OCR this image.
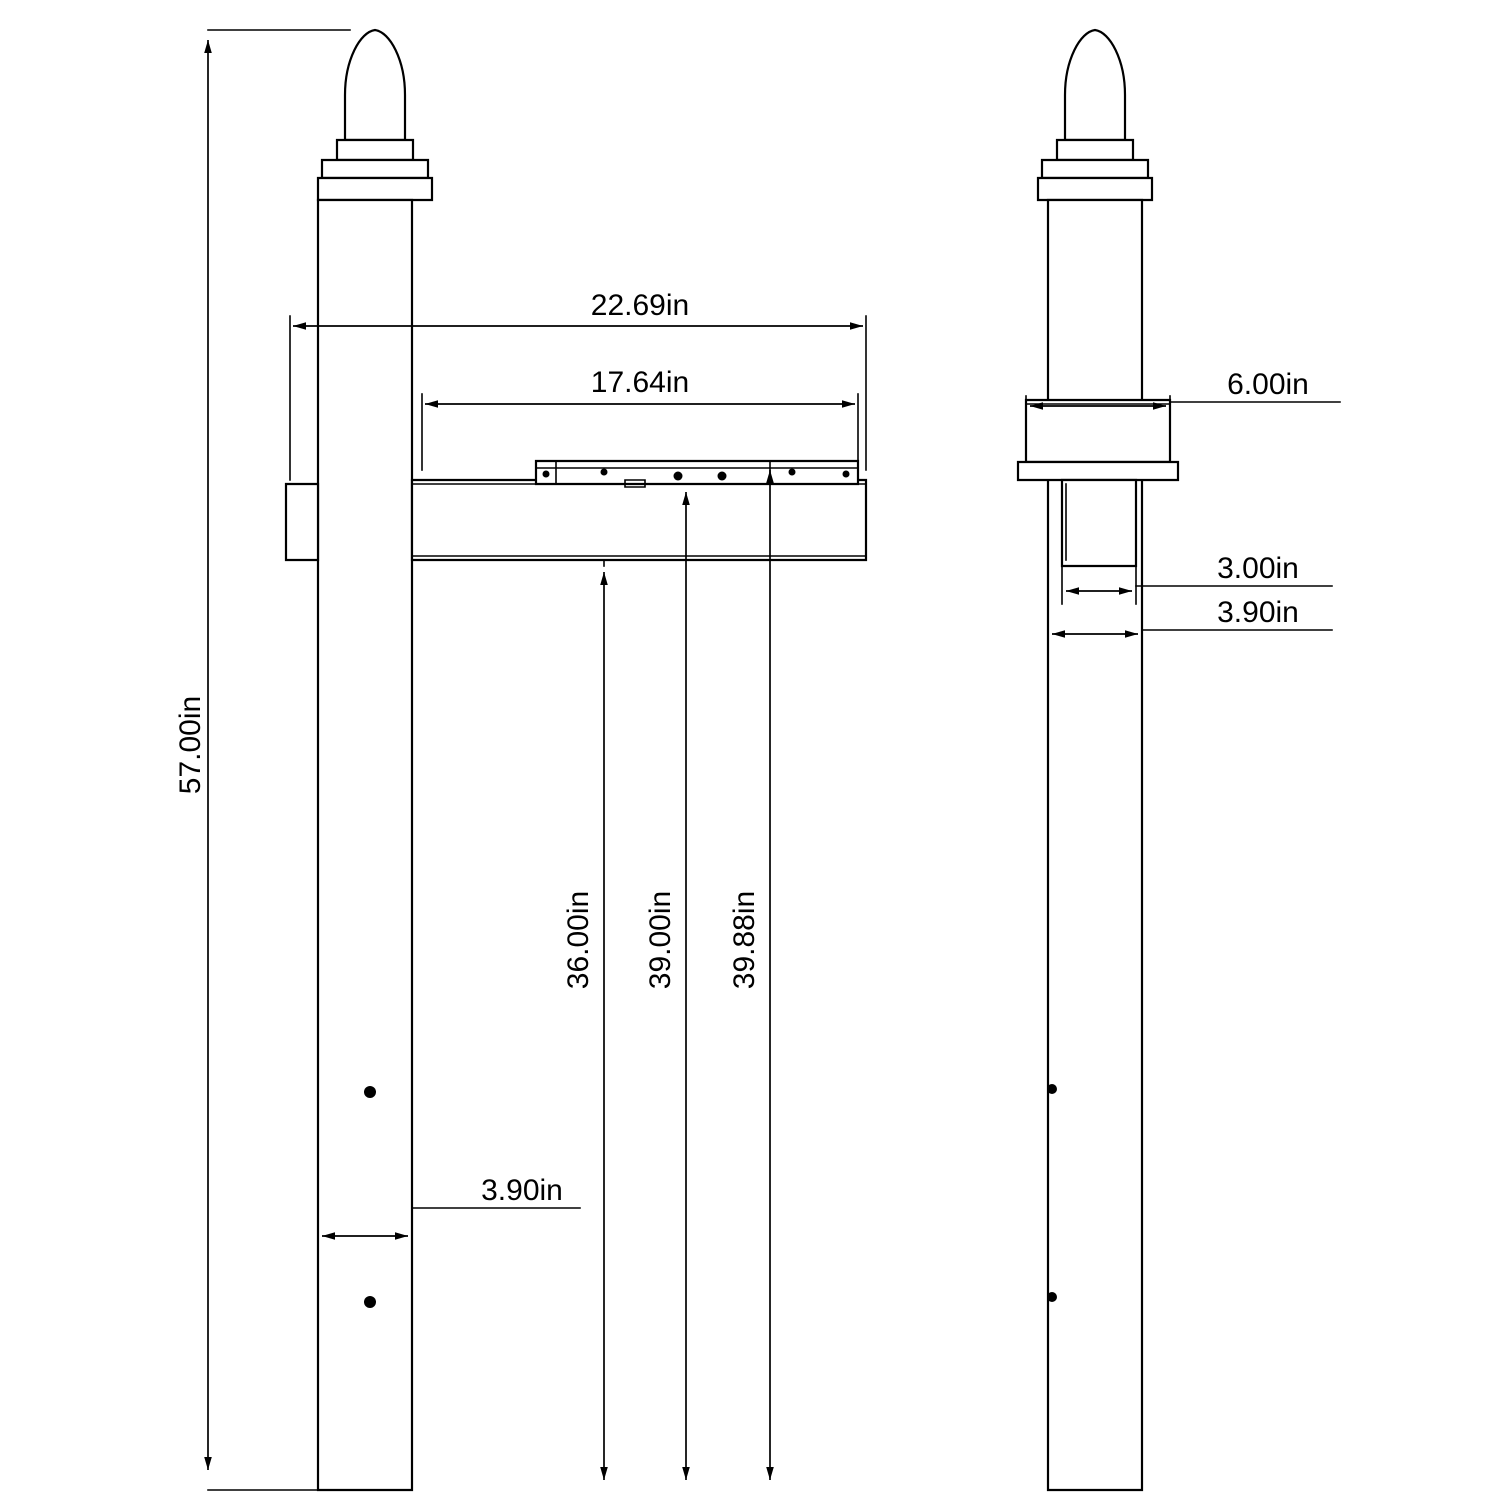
57.00in
22.69in
17.64in
36.00in 39.00in 39.88in
3.90in
6.00in
3.00in
3.90in
